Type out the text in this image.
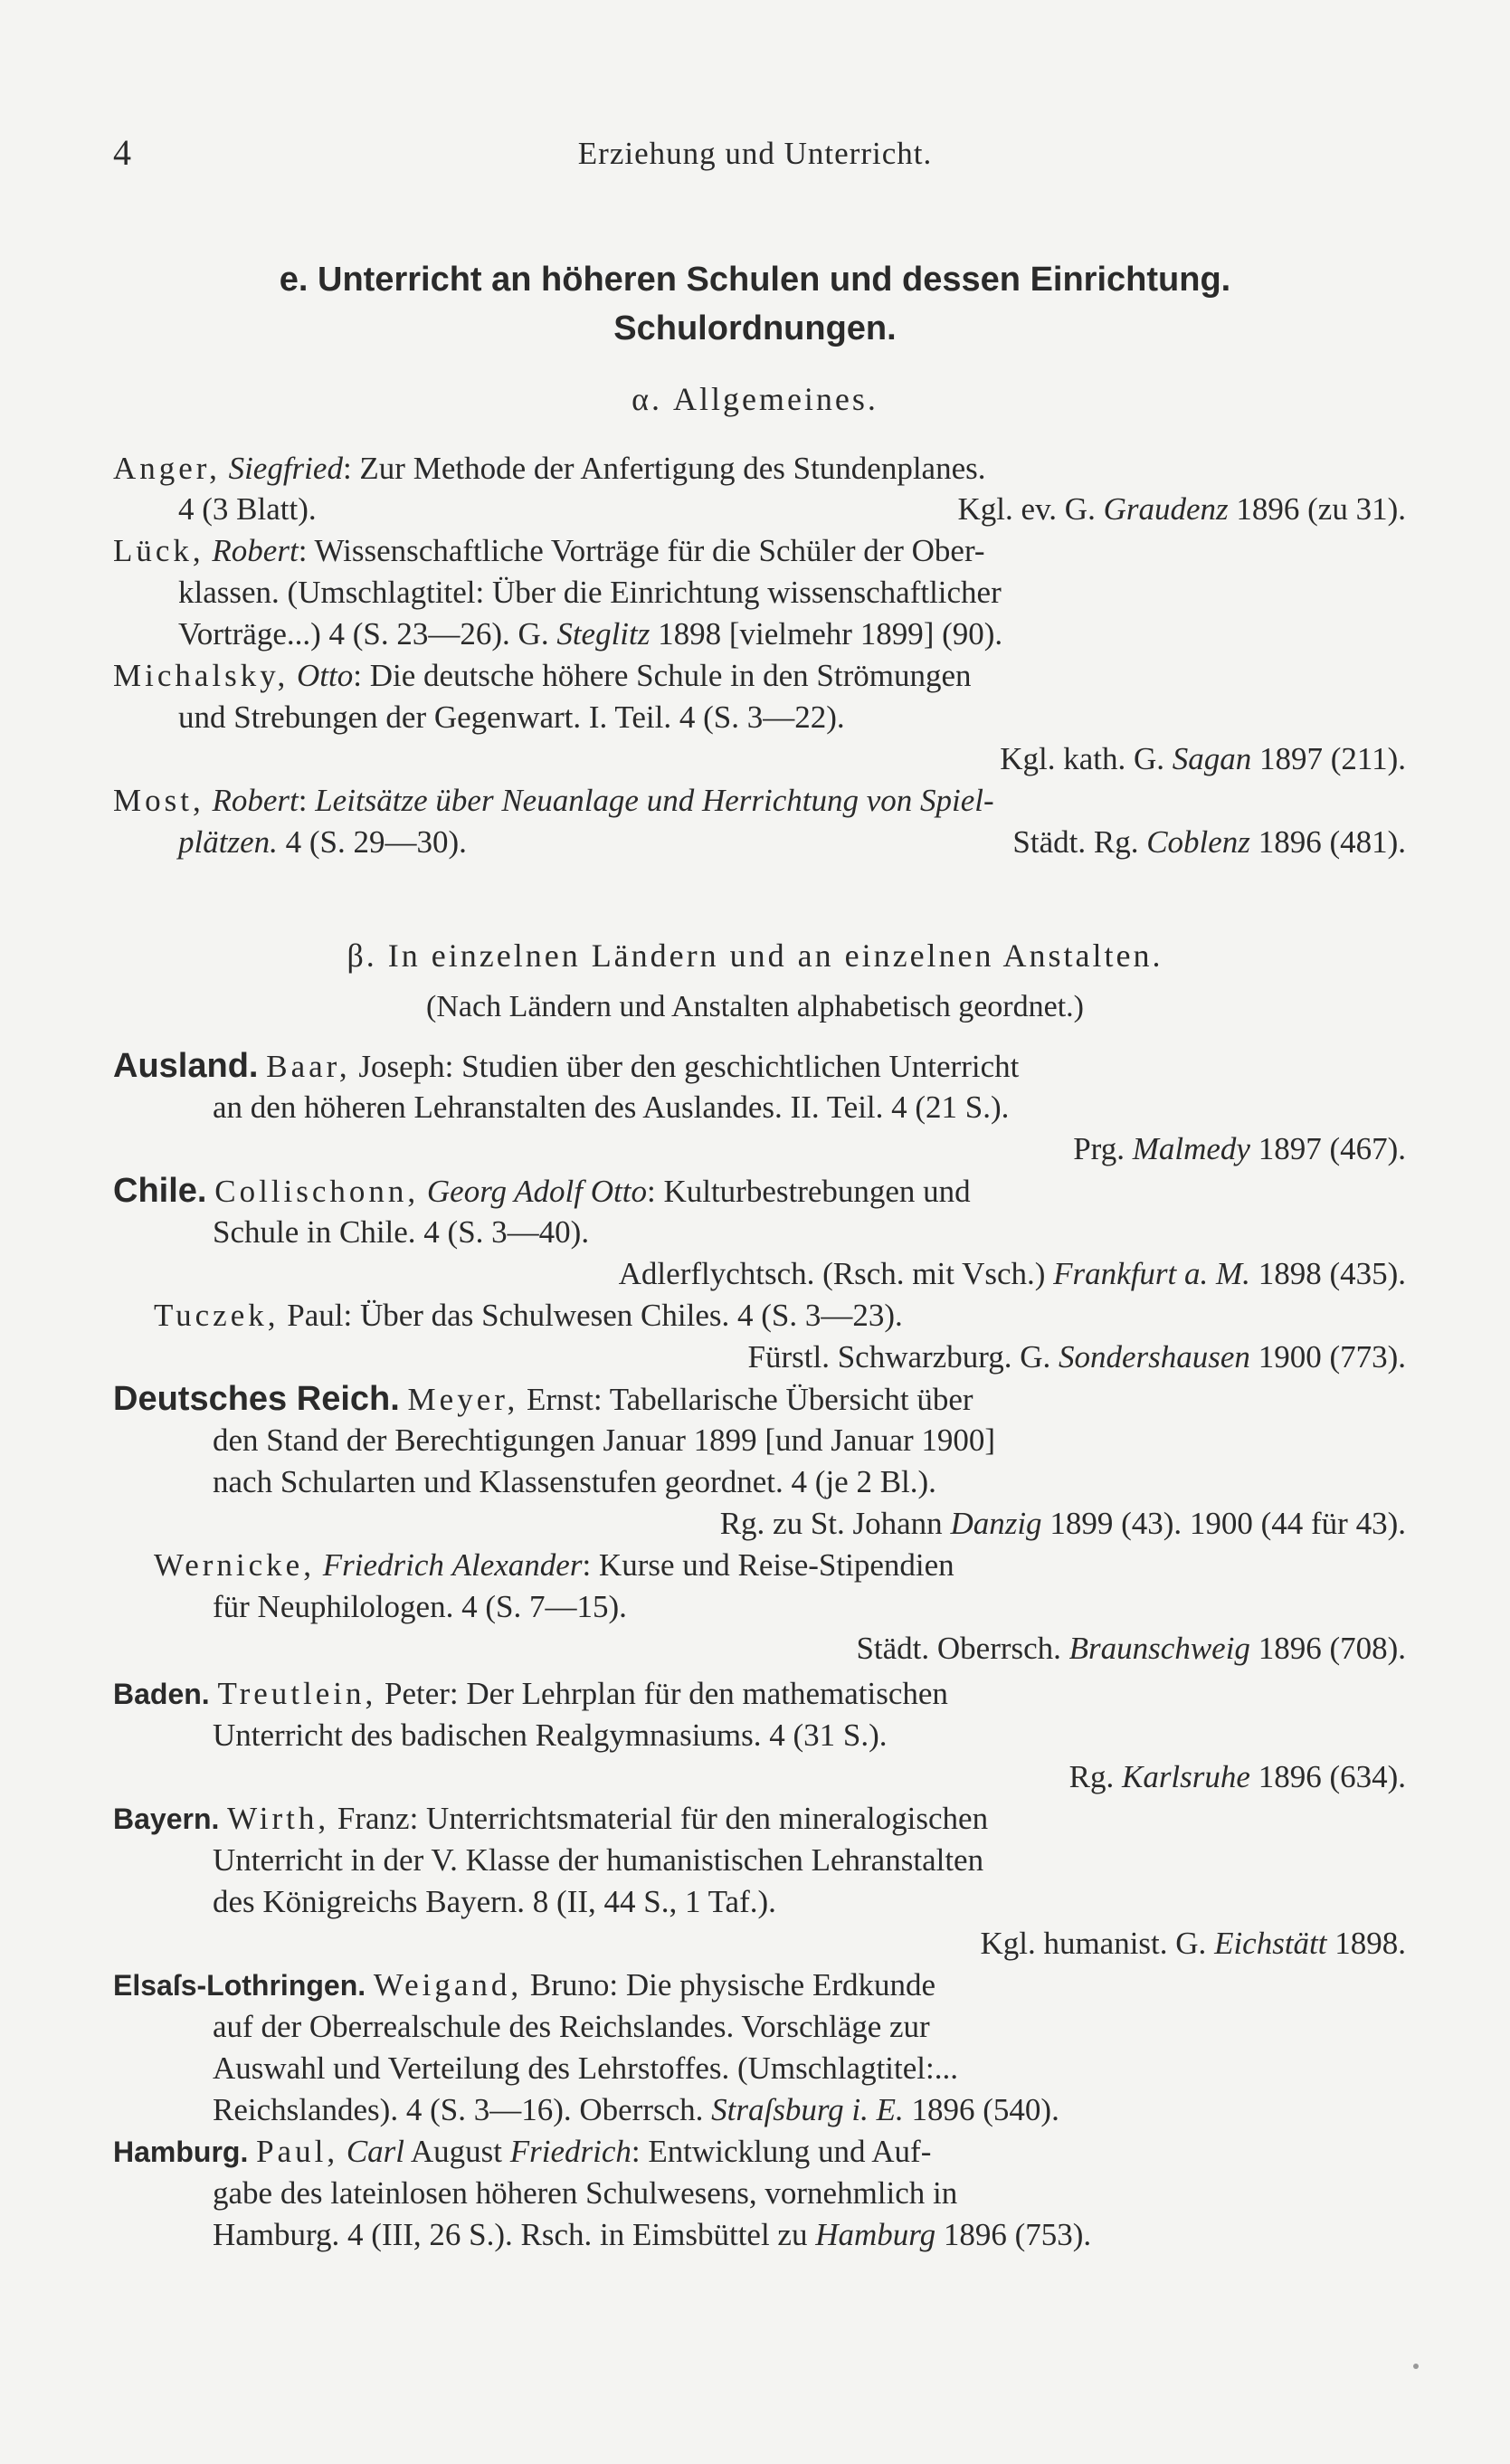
4	Erziehung und Unterricht.
e. Unterricht an höheren Schulen und dessen Einrichtung.
Schulordnungen.
α. Allgemeines.
Anger, Siegfried: Zur Methode der Anfertigung des Stundenplanes.
4 (3 Blatt).	Kgl. ev. G. Graudenz 1896 (zu 31).
Lück, Robert: Wissenschaftliche Vorträge für die Schüler der Ober-
klassen. (Umschlagtitel: Über die Einrichtung wissenschaftlicher
Vorträge...) 4 (S. 23—26). G. Steglitz 1898 [vielmehr 1899] (90).
Michalsky, Otto: Die deutsche höhere Schule in den Strömungen
und Strebungen der Gegenwart. I. Teil. 4 (S. 3—22).
Kgl. kath. G. Sagan 1897 (211).
Most, Robert: Leitsätze über Neuanlage und Herrichtung von Spiel-
plätzen. 4 (S. 29—30).	Städt. Rg. Coblenz 1896 (481).
β. In einzelnen Ländern und an einzelnen Anstalten.
(Nach Ländern und Anstalten alphabetisch geordnet.)
Ausland. Baar, Joseph: Studien über den geschichtlichen Unterricht
an den höheren Lehranstalten des Auslandes. II. Teil. 4 (21 S.).
Prg. Malmedy 1897 (467).
Chile. Collischonn, Georg Adolf Otto: Kulturbestrebungen und
Schule in Chile. 4 (S. 3—40).
Adlerflychtsch. (Rsch. mit Vsch.) Frankfurt a. M. 1898 (435).
Tuczek, Paul: Über das Schulwesen Chiles. 4 (S. 3—23).
Fürstl. Schwarzburg. G. Sondershausen 1900 (773).
Deutsches Reich. Meyer, Ernst: Tabellarische Übersicht über
den Stand der Berechtigungen Januar 1899 [und Januar 1900]
nach Schularten und Klassenstufen geordnet. 4 (je 2 Bl.).
Rg. zu St. Johann Danzig 1899 (43). 1900 (44 für 43).
Wernicke, Friedrich Alexander: Kurse und Reise-Stipendien
für Neuphilologen. 4 (S. 7—15).
Städt. Oberrsch. Braunschweig 1896 (708).
Baden. Treutlein, Peter: Der Lehrplan für den mathematischen
Unterricht des badischen Realgymnasiums. 4 (31 S.).
Rg. Karlsruhe 1896 (634).
Bayern. Wirth, Franz: Unterrichtsmaterial für den mineralogischen
Unterricht in der V. Klasse der humanistischen Lehranstalten
des Königreichs Bayern. 8 (II, 44 S., 1 Taf.).
Kgl. humanist. G. Eichstätt 1898.
Elsaſs-Lothringen. Weigand, Bruno: Die physische Erdkunde
auf der Oberrealschule des Reichslandes. Vorschläge zur
Auswahl und Verteilung des Lehrstoffes. (Umschlagtitel:...
Reichslandes). 4 (S. 3—16). Oberrsch. Straſsburg i. E. 1896 (540).
Hamburg. Paul, Carl August Friedrich: Entwicklung und Auf-
gabe des lateinlosen höheren Schulwesens, vornehmlich in
Hamburg. 4 (III, 26 S.). Rsch. in Eimsbüttel zu Hamburg 1896 (753).
